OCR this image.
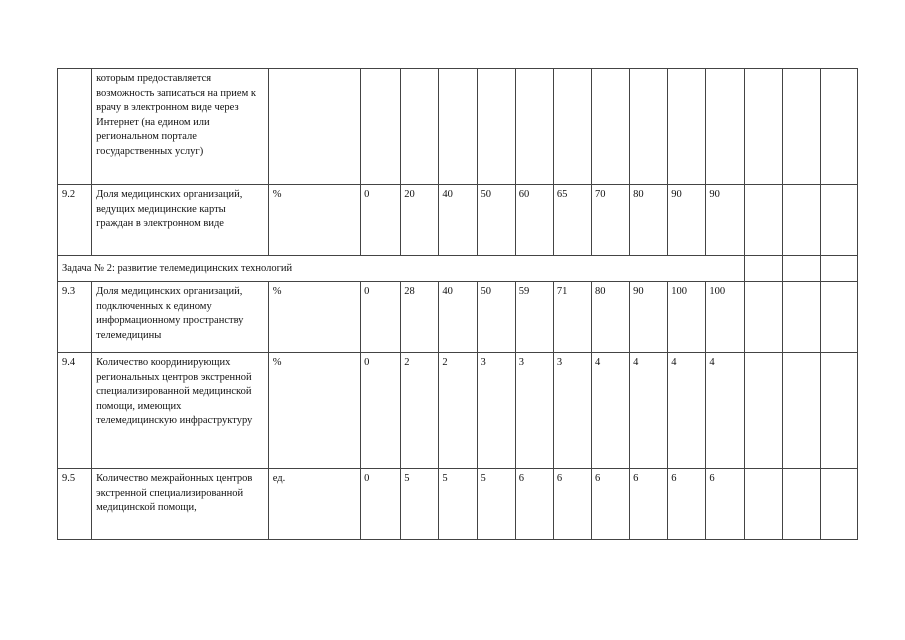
	которым предоставляется возможность записаться на прием к врачу в электронном виде через Интернет (на едином или региональном портале государственных услуг)														
9.2	Доля медицинских организаций, ведущих медицинские карты граждан в электронном виде	%	0	20	40	50	60	65	70	80	90	90			
Задача № 2: развитие телемедицинских технологий															
9.3	Доля медицинских организаций, подключенных к единому информационному пространству телемедицины	%	0	28	40	50	59	71	80	90	100	100			
9.4	Количество координирующих региональных центров экстренной специализированной медицинской помощи, имеющих телемедицинскую инфраструктуру	%	0	2	2	3	3	3	4	4	4	4			
9.5	Количество межрайонных центров экстренной специализированной медицинской помощи,	ед.	0	5	5	5	6	6	6	6	6	6			
